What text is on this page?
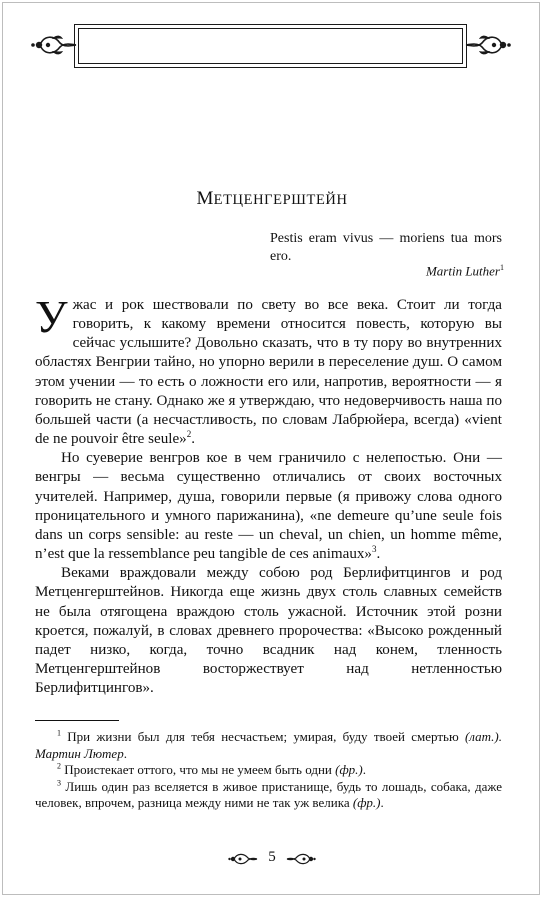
МЕТЦЕНГЕРШТЕЙН
Pestis eram vivus — moriens tua mors ero.
Martin Luther$^1$

Ужас и рок шествовали по свету во все века. Стоит ли тогда говорить, к какому времени относится повесть, которую вы сейчас услышите? Довольно сказать, что в ту пору во внутренних областях Венгрии тайно, но упорно верили в переселение душ. О самом этом учении — то есть о ложности его или, напротив, вероятности — я говорить не стану. Однако же я утверждаю, что недоверчивость наша по большей части (а несчастливость, по словам Лабрюйера, всегда) «vient de ne pouvoir être seule»$^2$.

Но суеверие венгров кое в чем граничило с нелепостью. Они — венгры — весьма существенно отличались от своих восточных учителей. Например, душа, говорили первые (я привожу слова одного проницательного и умного парижанина), «ne demeure qu’une seule fois dans un corps sensible: au reste — un cheval, un chien, un homme même, n’est que la ressemblance peu tangible de ces animaux»$^3$.

Веками враждовали между собою род Берлифитцингов и род Метценгерштейнов. Никогда еще жизнь двух столь славных семейств не была отягощена враждою столь ужасной. Источник этой розни кроется, пожалуй, в словах древнего пророчества: «Высоко рожденный падет низко, когда, точно всадник над конем, тленность Метценгерштейнов восторжествует над нетленностью Берлифитцингов».

$^1$ При жизни был для тебя несчастьем; умирая, буду твоей смертью (лат.). Мартин Лютер.

$^2$ Проистекает оттого, что мы не умеем быть одни (фр.).

$^3$ Лишь один раз вселяется в живое пристанище, будь то лошадь, собака, даже человек, впрочем, разница между ними не так уж велика (фр.).

5
